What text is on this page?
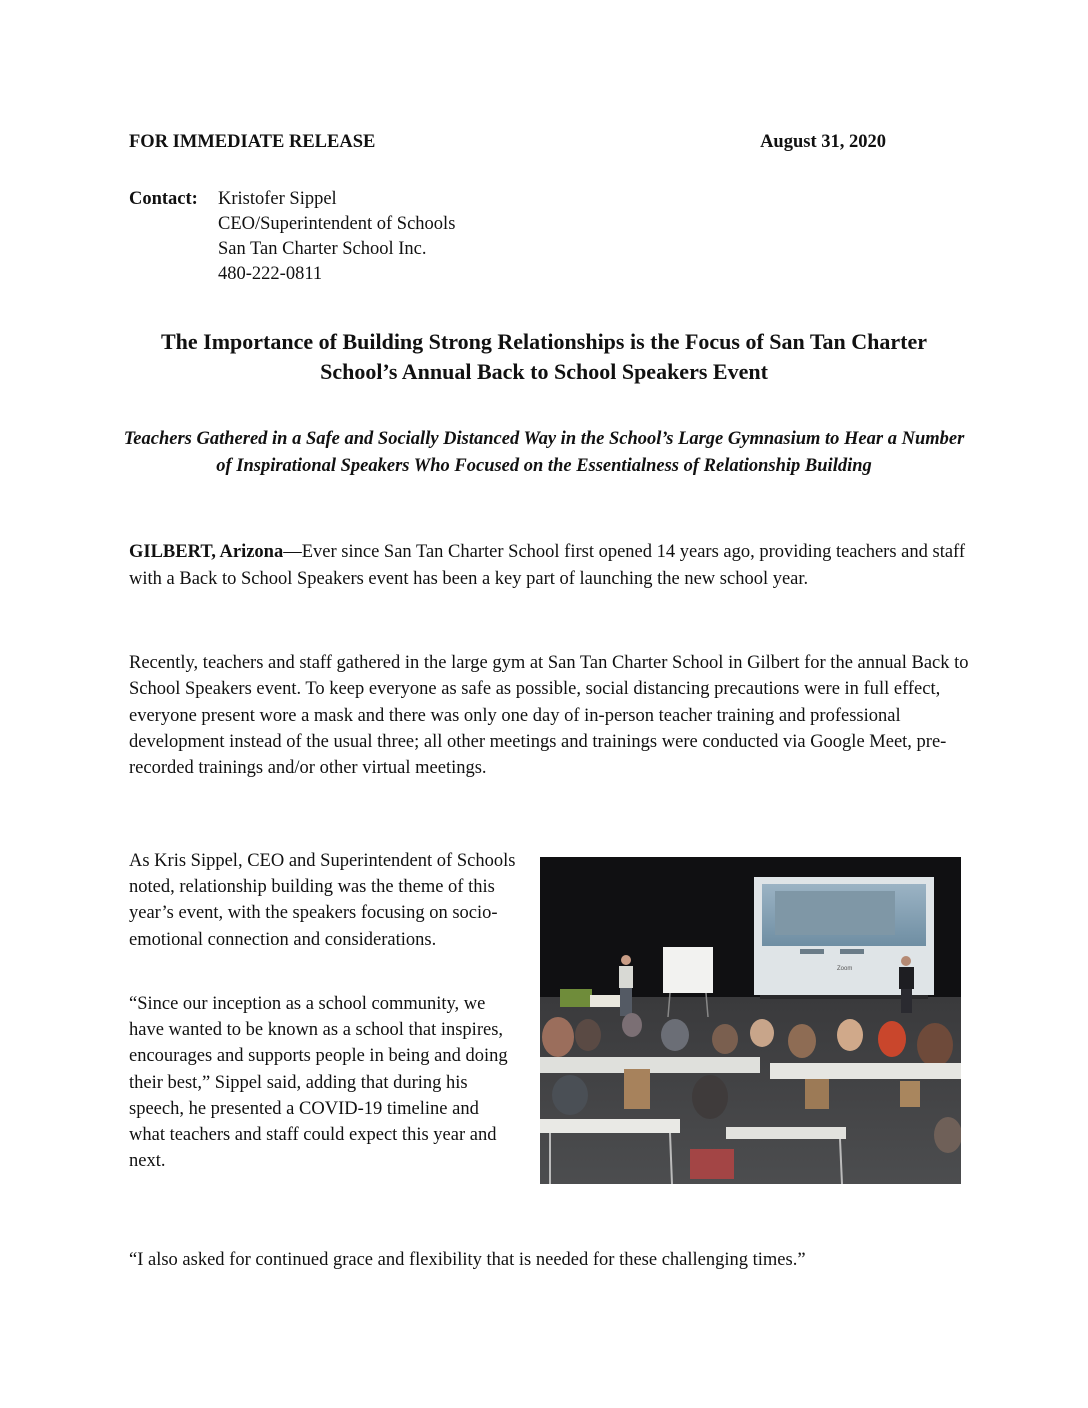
FOR IMMEDIATE RELEASE	August 31, 2020
Contact:	Kristofer Sippel
CEO/Superintendent of Schools
San Tan Charter School Inc.
480-222-0811
The Importance of Building Strong Relationships is the Focus of San Tan Charter School’s Annual Back to School Speakers Event
Teachers Gathered in a Safe and Socially Distanced Way in the School’s Large Gymnasium to Hear a Number of Inspirational Speakers Who Focused on the Essentialness of Relationship Building
GILBERT, Arizona—Ever since San Tan Charter School first opened 14 years ago, providing teachers and staff with a Back to School Speakers event has been a key part of launching the new school year.
Recently, teachers and staff gathered in the large gym at San Tan Charter School in Gilbert for the annual Back to School Speakers event. To keep everyone as safe as possible, social distancing precautions were in full effect, everyone present wore a mask and there was only one day of in-person teacher training and professional development instead of the usual three; all other meetings and trainings were conducted via Google Meet, pre-recorded trainings and/or other virtual meetings.
As Kris Sippel, CEO and Superintendent of Schools noted, relationship building was the theme of this year’s event, with the speakers focusing on socio-emotional connection and considerations.
“Since our inception as a school community, we have wanted to be known as a school that inspires, encourages and supports people in being and doing their best,” Sippel said, adding that during his speech, he presented a COVID-19 timeline and what teachers and staff could expect this year and next.
Zoom
“I also asked for continued grace and flexibility that is needed for these challenging times.”
